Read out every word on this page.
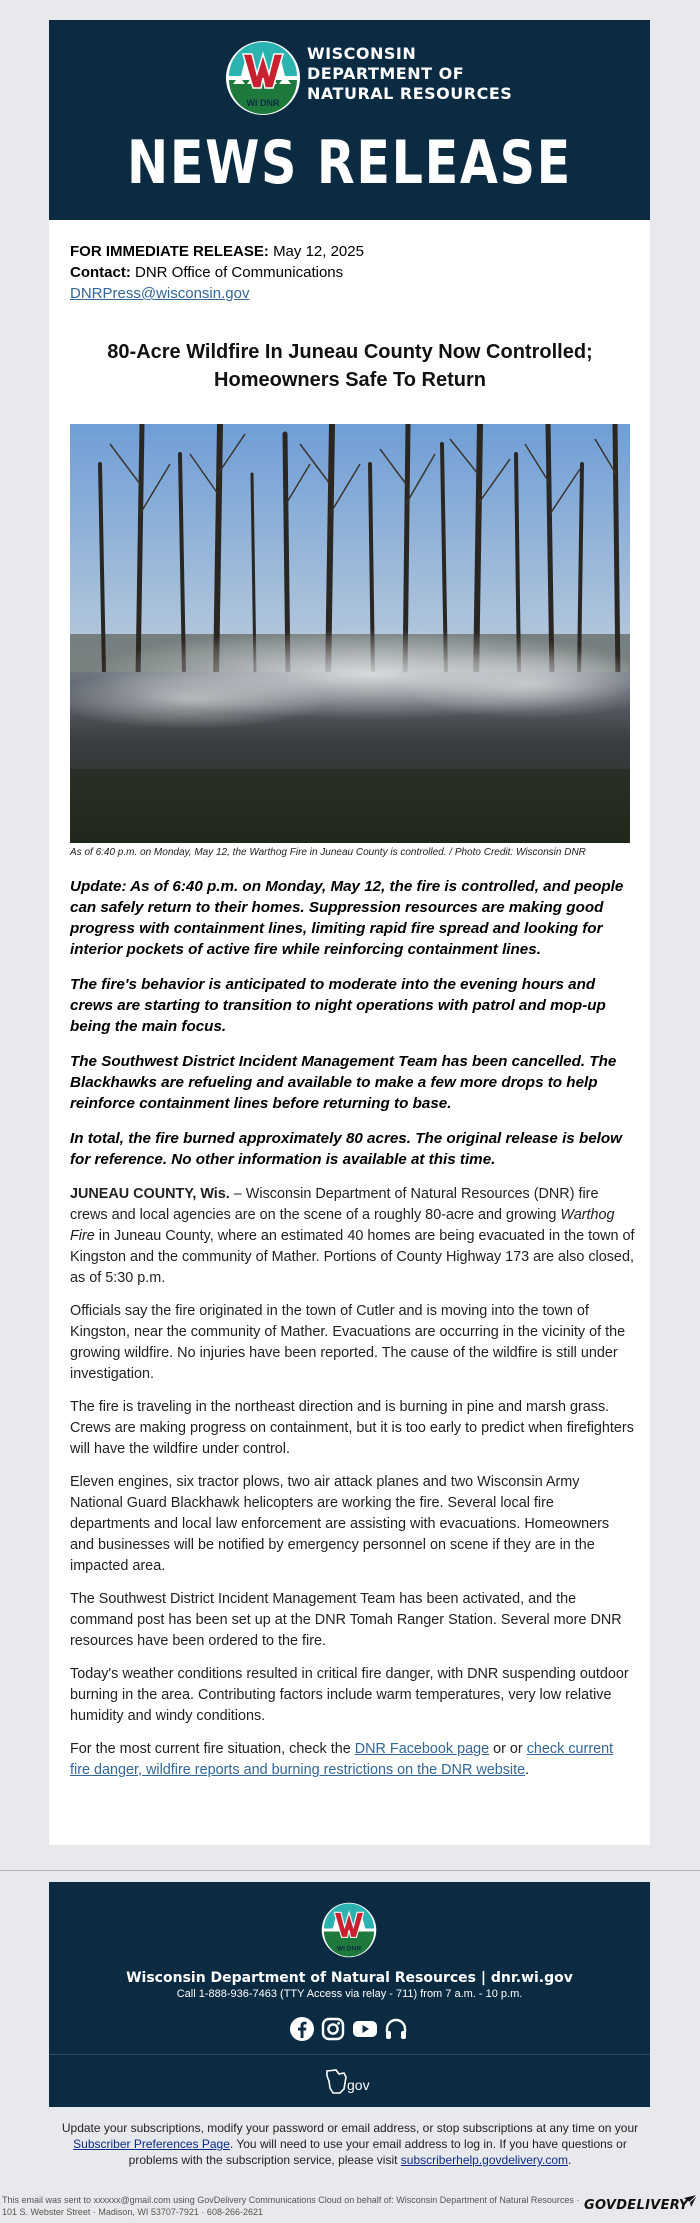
WI DNR
WISCONSIN
DEPARTMENT OF
NATURAL RESOURCES
NEWS RELEASE
FOR IMMEDIATE RELEASE: May 12, 2025
Contact: DNR Office of Communications
DNRPress@wisconsin.gov
80-Acre Wildfire In Juneau County Now Controlled; Homeowners Safe To Return
As of 6:40 p.m. on Monday, May 12, the Warthog Fire in Juneau County is controlled. / Photo Credit: Wisconsin DNR

Update: As of 6:40 p.m. on Monday, May 12, the fire is controlled, and people can safely return to their homes. Suppression resources are making good progress with containment lines, limiting rapid fire spread and looking for interior pockets of active fire while reinforcing containment lines.

The fire's behavior is anticipated to moderate into the evening hours and crews are starting to transition to night operations with patrol and mop-up being the main focus.

The Southwest District Incident Management Team has been cancelled. The Blackhawks are refueling and available to make a few more drops to help reinforce containment lines before returning to base.

In total, the fire burned approximately 80 acres. The original release is below for reference. No other information is available at this time.

JUNEAU COUNTY, Wis. – Wisconsin Department of Natural Resources (DNR) fire crews and local agencies are on the scene of a roughly 80-acre and growing Warthog Fire in Juneau County, where an estimated 40 homes are being evacuated in the town of Kingston and the community of Mather. Portions of County Highway 173 are also closed, as of 5:30 p.m.

Officials say the fire originated in the town of Cutler and is moving into the town of Kingston, near the community of Mather. Evacuations are occurring in the vicinity of the growing wildfire. No injuries have been reported. The cause of the wildfire is still under investigation.

The fire is traveling in the northeast direction and is burning in pine and marsh grass. Crews are making progress on containment, but it is too early to predict when firefighters will have the wildfire under control.

Eleven engines, six tractor plows, two air attack planes and two Wisconsin Army National Guard Blackhawk helicopters are working the fire. Several local fire departments and local law enforcement are assisting with evacuations. Homeowners and businesses will be notified by emergency personnel on scene if they are in the impacted area.

The Southwest District Incident Management Team has been activated, and the command post has been set up at the DNR Tomah Ranger Station. Several more DNR resources have been ordered to the fire.

Today's weather conditions resulted in critical fire danger, with DNR suspending outdoor burning in the area. Contributing factors include warm temperatures, very low relative humidity and windy conditions.

For the most current fire situation, check the DNR Facebook page or or check current fire danger, wildfire reports and burning restrictions on the DNR website.

WI DNR
Wisconsin Department of Natural Resources | dnr.wi.gov
Call 1-888-936-7463 (TTY Access via relay - 711) from 7 a.m. - 10 p.m.
gov
Update your subscriptions, modify your password or email address, or stop subscriptions at any time on your Subscriber Preferences Page. You will need to use your email address to log in. If you have questions or problems with the subscription service, please visit subscriberhelp.govdelivery.com.
This email was sent to xxxxxx@gmail.com using GovDelivery Communications Cloud on behalf of: Wisconsin Department of Natural Resources · 101 S. Webster Street · Madison, WI 53707-7921 · 608-266-2621	GOVDELIVERY
